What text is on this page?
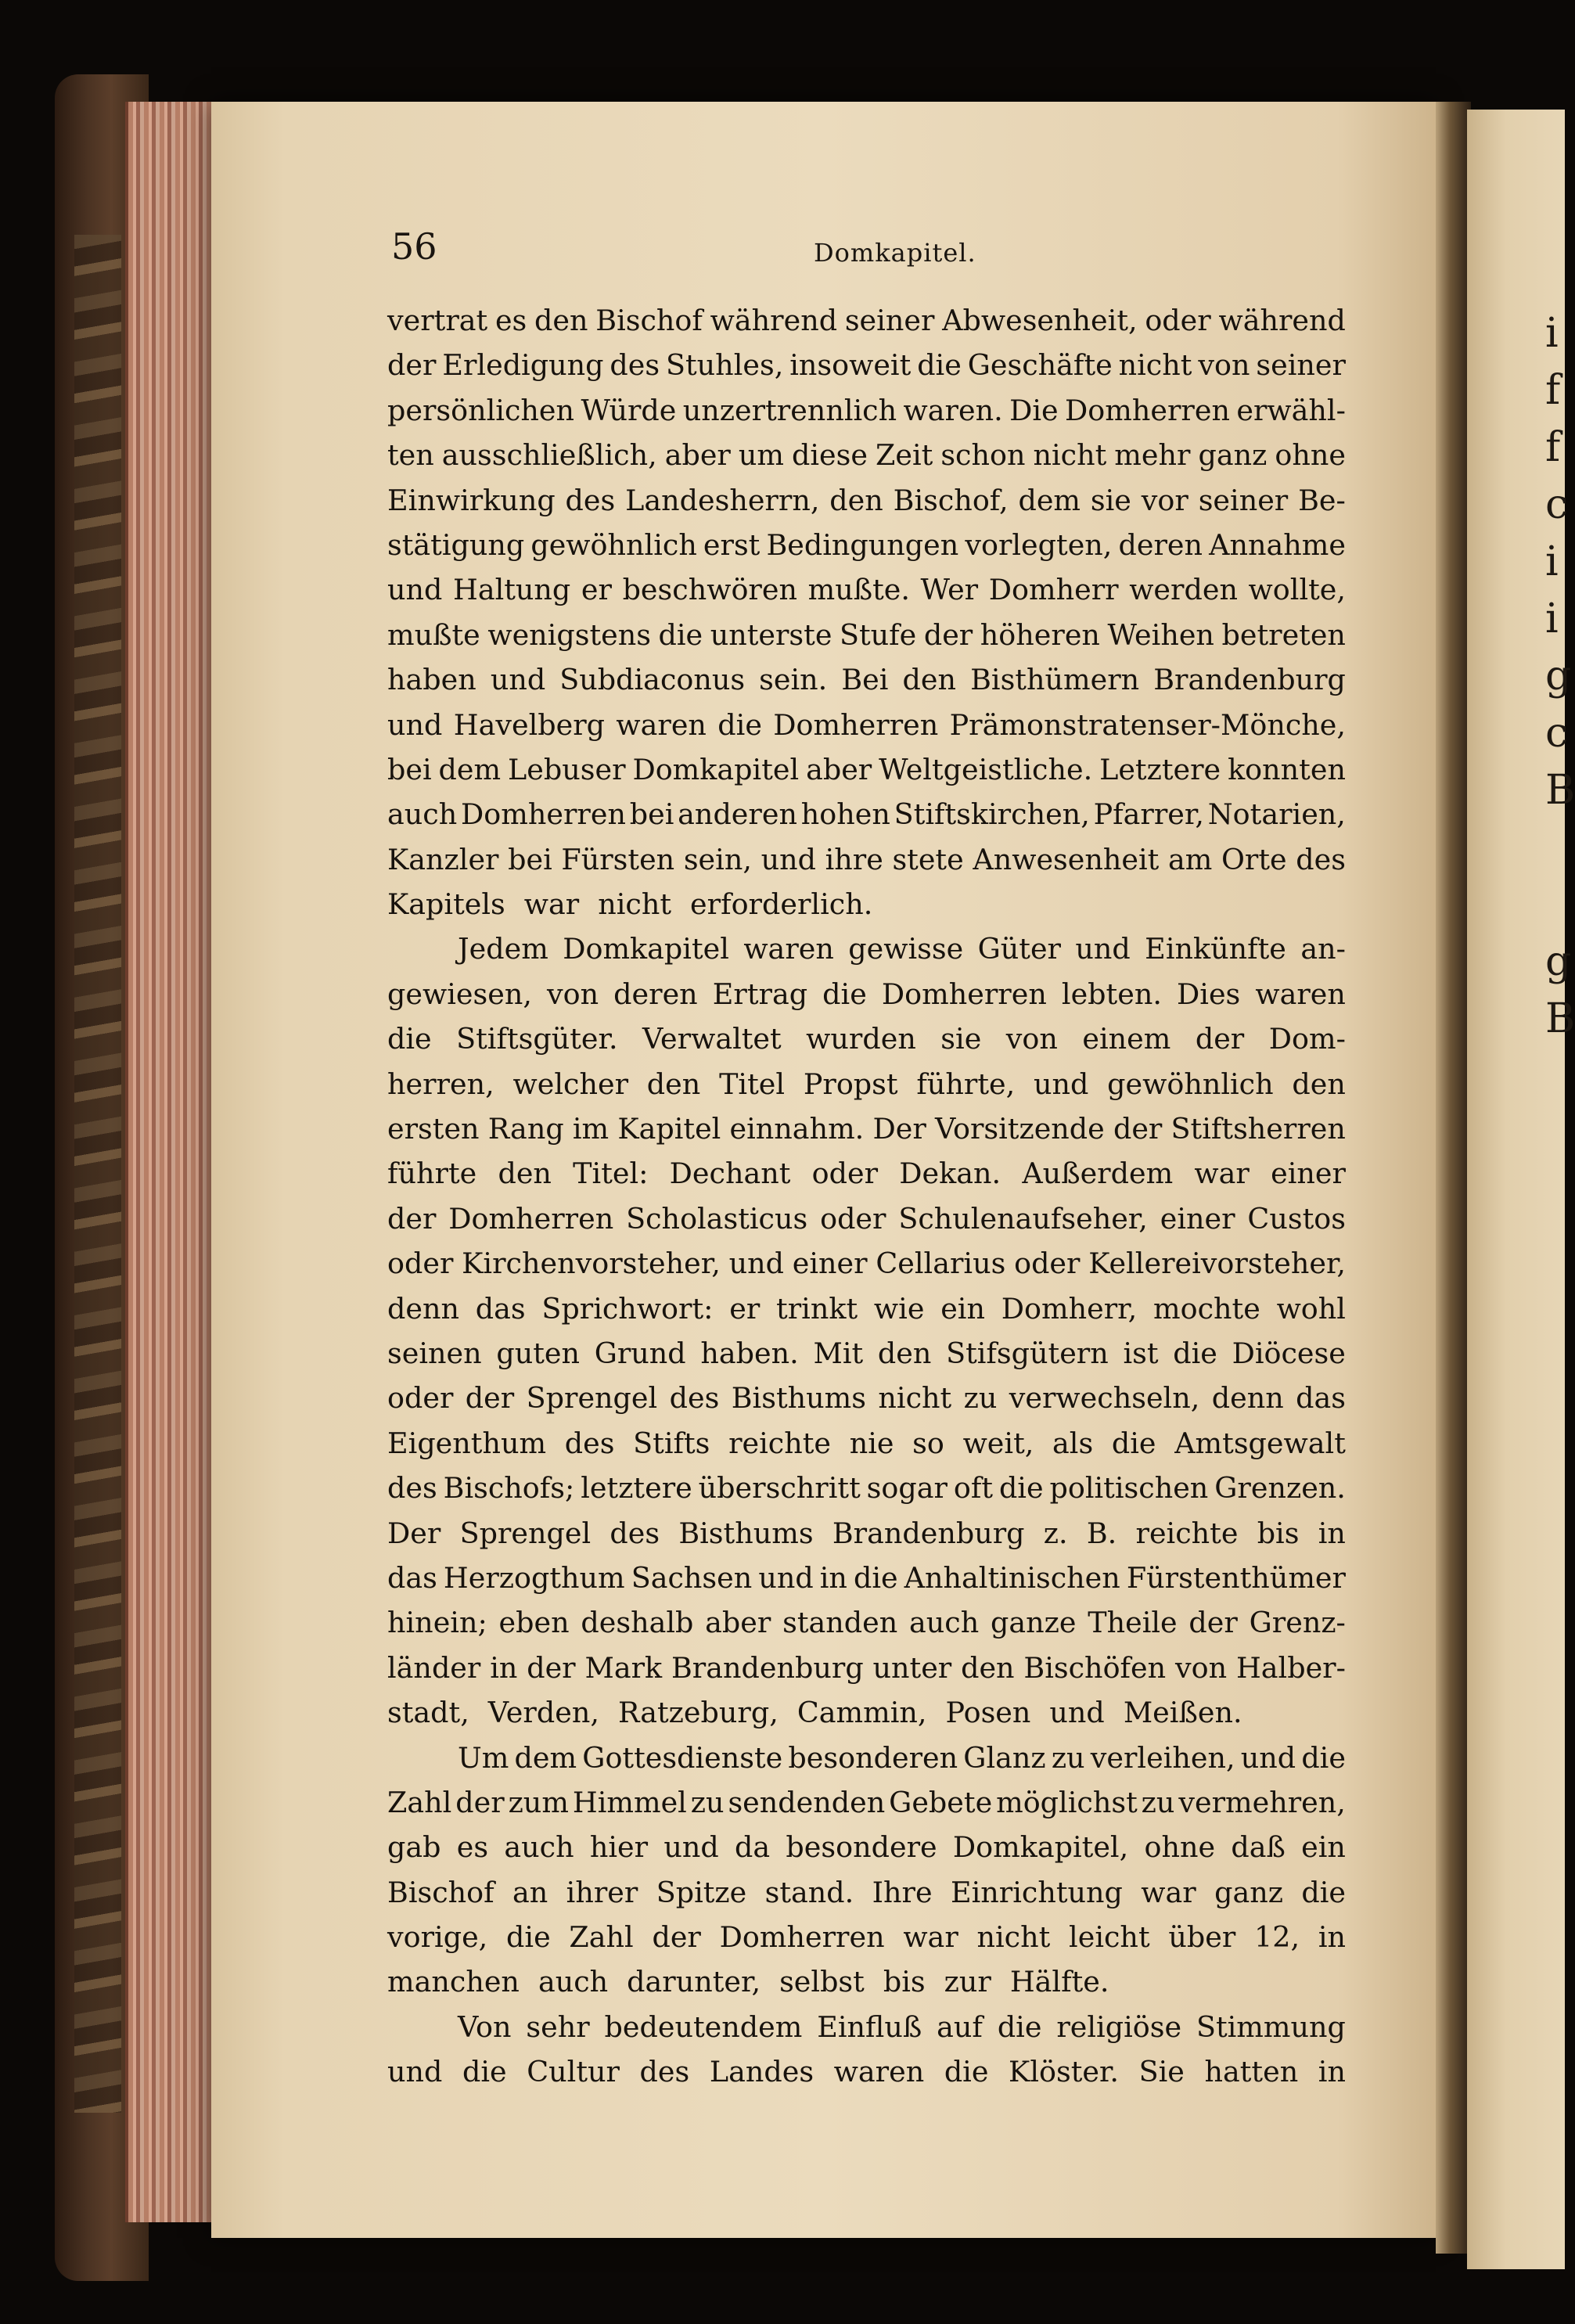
i
f
f
c
i
i
g
c
B

g
B

56	Domkapitel.
vertrat es den Bischof während seiner Abwesenheit, oder während
der Erledigung des Stuhles, insoweit die Geschäfte nicht von seiner
persönlichen Würde unzertrennlich waren. Die Domherren erwähl-
ten ausschließlich, aber um diese Zeit schon nicht mehr ganz ohne
Einwirkung des Landesherrn, den Bischof, dem sie vor seiner Be-
stätigung gewöhnlich erst Bedingungen vorlegten, deren Annahme
und Haltung er beschwören mußte. Wer Domherr werden wollte,
mußte wenigstens die unterste Stufe der höheren Weihen betreten
haben und Subdiaconus sein. Bei den Bisthümern Brandenburg
und Havelberg waren die Domherren Prämonstratenser-Mönche,
bei dem Lebuser Domkapitel aber Weltgeistliche. Letztere konnten
auch Domherren bei anderen hohen Stiftskirchen, Pfarrer, Notarien,
Kanzler bei Fürsten sein, und ihre stete Anwesenheit am Orte des
Kapitels war nicht erforderlich.
Jedem Domkapitel waren gewisse Güter und Einkünfte an-
gewiesen, von deren Ertrag die Domherren lebten. Dies waren
die Stiftsgüter. Verwaltet wurden sie von einem der Dom-
herren, welcher den Titel Propst führte, und gewöhnlich den
ersten Rang im Kapitel einnahm. Der Vorsitzende der Stiftsherren
führte den Titel: Dechant oder Dekan. Außerdem war einer
der Domherren Scholasticus oder Schulenaufseher, einer Custos
oder Kirchenvorsteher, und einer Cellarius oder Kellereivorsteher,
denn das Sprichwort: er trinkt wie ein Domherr, mochte wohl
seinen guten Grund haben. Mit den Stifsgütern ist die Diöcese
oder der Sprengel des Bisthums nicht zu verwechseln, denn das
Eigenthum des Stifts reichte nie so weit, als die Amtsgewalt
des Bischofs; letztere überschritt sogar oft die politischen Grenzen.
Der Sprengel des Bisthums Brandenburg z. B. reichte bis in
das Herzogthum Sachsen und in die Anhaltinischen Fürstenthümer
hinein; eben deshalb aber standen auch ganze Theile der Grenz-
länder in der Mark Brandenburg unter den Bischöfen von Halber-
stadt, Verden, Ratzeburg, Cammin, Posen und Meißen.
Um dem Gottesdienste besonderen Glanz zu verleihen, und die
Zahl der zum Himmel zu sendenden Gebete möglichst zu vermehren,
gab es auch hier und da besondere Domkapitel, ohne daß ein
Bischof an ihrer Spitze stand. Ihre Einrichtung war ganz die
vorige, die Zahl der Domherren war nicht leicht über 12, in
manchen auch darunter, selbst bis zur Hälfte.
Von sehr bedeutendem Einfluß auf die religiöse Stimmung
und die Cultur des Landes waren die Klöster. Sie hatten in
